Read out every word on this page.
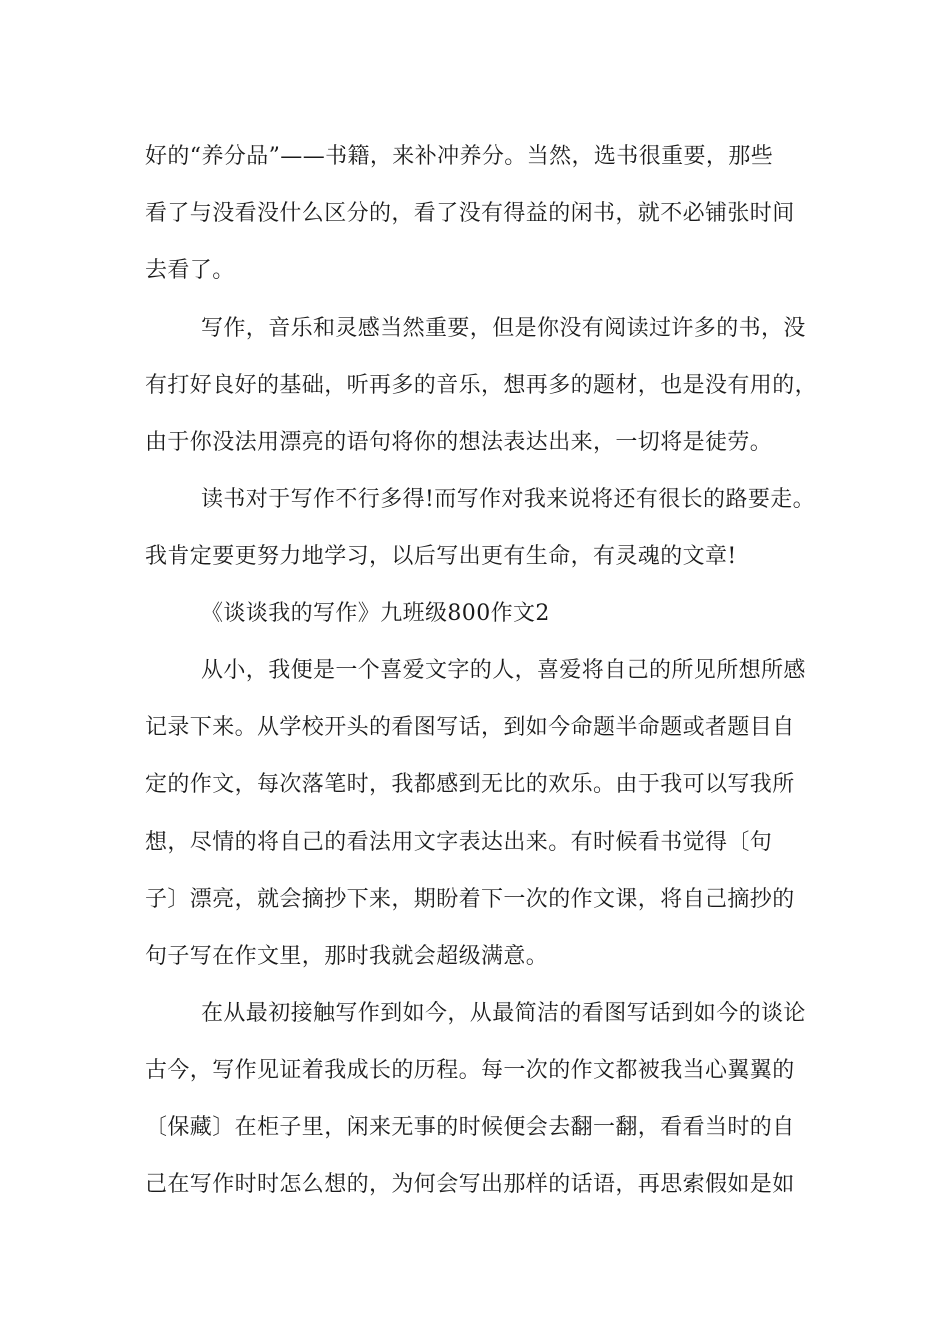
好的“养分品”——书籍，来补冲养分。当然，选书很重要，那些
看了与没看没什么区分的，看了没有得益的闲书，就不必铺张时间
去看了。
写作，音乐和灵感当然重要，但是你没有阅读过许多的书，没
有打好良好的基础，听再多的音乐，想再多的题材，也是没有用的，
由于你没法用漂亮的语句将你的想法表达出来，一切将是徒劳。
读书对于写作不行多得!而写作对我来说将还有很长的路要走。
我肯定要更努力地学习，以后写出更有生命，有灵魂的文章!
《谈谈我的写作》九班级800作文2
从小，我便是一个喜爱文字的人，喜爱将自己的所见所想所感
记录下来。从学校开头的看图写话，到如今命题半命题或者题目自
定的作文，每次落笔时，我都感到无比的欢乐。由于我可以写我所
想，尽情的将自己的看法用文字表达出来。有时候看书觉得〔句
子〕漂亮，就会摘抄下来，期盼着下一次的作文课，将自己摘抄的
句子写在作文里，那时我就会超级满意。
在从最初接触写作到如今，从最简洁的看图写话到如今的谈论
古今，写作见证着我成长的历程。每一次的作文都被我当心翼翼的
〔保藏〕在柜子里，闲来无事的时候便会去翻一翻，看看当时的自
己在写作时时怎么想的，为何会写出那样的话语，再思索假如是如
